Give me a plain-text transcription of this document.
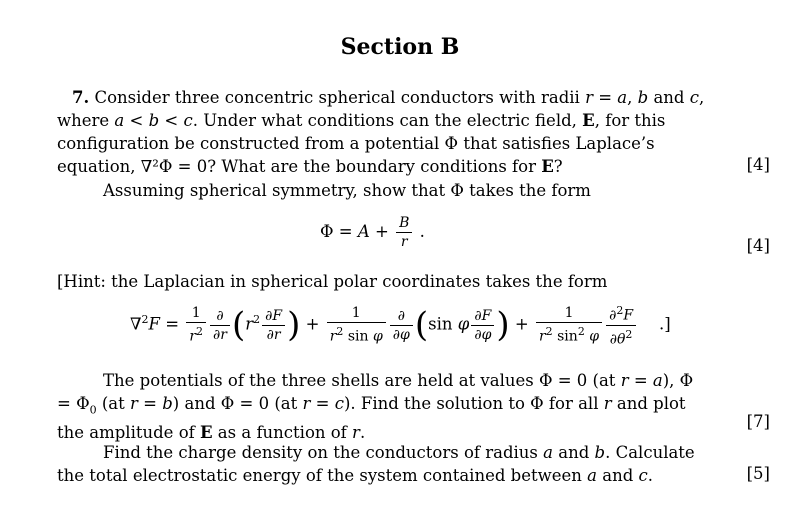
Section B
7. Consider three concentric spherical conductors with radii r = a, b and c, where a < b < c. Under what conditions can the electric field, E, for this configuration be constructed from a potential Φ that satisfies Laplace’s equation, ∇²Φ = 0? What are the boundary conditions for E?	[4]
Assuming spherical symmetry, show that Φ takes the form
$\Phi = A + \frac{B}{r}$ .
[4]
[Hint: the Laplacian in spherical polar coordinates takes the form
$\nabla^2F = \frac{1}{r^2} \frac{\partial}{\partial r} (r^2 \frac{\partial F}{\partial r}$ ) + $\frac{1}{r^2 \sin \varphi} \frac{\partial}{\partial\varphi} (\sin$ φ $\frac{\partial F}{\partial\varphi}$ ) + $\frac{1}{r^2 \sin^2 \varphi} \frac{\partial^2F}{\partial\theta^2}$ .]
The potentials of the three shells are held at values Φ = 0 (at r = a), $\Phi = \Phi_0$ (at r = b) and Φ = 0 (at r = c). Find the solution to Φ for all r and plot the amplitude of E as a function of r.
[7]
Find the charge density on the conductors of radius a and b. Calculate the total electrostatic energy of the system contained between a and c.	[5]
